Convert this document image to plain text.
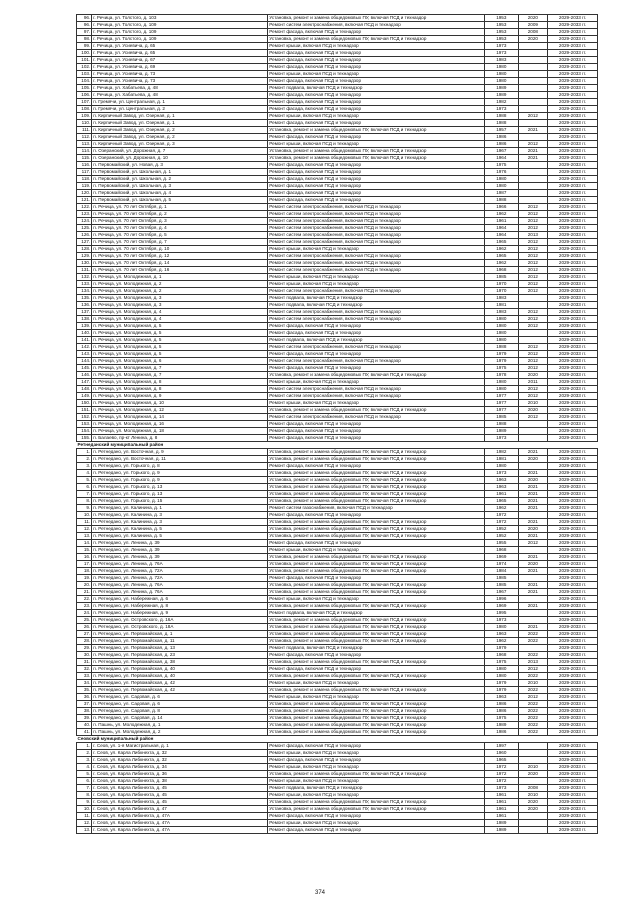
96.	г. Речица, ул. Толстого, д. 103	Установка, ремонт и замена общедомовых ПУ, включая ПСД и техназдор	1953	2020	2029-2033 гг.
96.	г. Речица, ул. Толстого, д. 109	Ремонт систем электроснабжения, включая ПСД и технадзор	1953	2009	2029-2033 гг.
97.	г. Речица, ул. Толстого, д. 109	Ремонт фасада, включая ПСД и технадзор	1953	2008	2029-2033 гг.
98.	г. Речица, ул. Толстого, д. 109	Установка, ремонт и замена общедомовых ПУ, включая ПСД и технадзор	1953	2020	2029-2033 гг.
99.	г. Речица, ул. Усиевича, д. 65	Ремонт крыши, включая ПСД и технадзор	1973		2029-2033 гг.
100.	г. Речица, ул. Усиевича, д. 65	Ремонт фасада, включая ПСД и технадзор	1973		2029-2033 гг.
101.	г. Речица, ул. Усиевича, д. 67	Ремонт фасада, включая ПСД и технадзор	1983		2029-2033 гг.
102.	г. Речица, ул. Усиевича, д. 69	Ремонт фасада, включая ПСД и технадзор	1980		2029-2033 гг.
103.	г. Речица, ул. Усиевича, д. 73	Ремонт крыши, включая ПСД и технадзор	1980		2029-2033 гг.
104.	г. Речица, ул. Усиевича, д. 73	Ремонт фасада, включая ПСД и технадзор	1980		2029-2033 гг.
105.	г. Речица, ул. Хабатьева, д. 48	Ремонт подвала, включая ПСД и технадзор	1989		2029-2033 гг.
106.	г. Речица, ул. Хабатьева, д. 48	Ремонт фасада, включая ПСД и технадзор	1989		2029-2033 гг.
107.	п. Гремячи, ул. Центральная, д. 1	Ремонт фасада, включая ПСД и технадзор	1982		2029-2033 гг.
108.	п. Гремячи, ул. Центральная, д. 2	Ремонт фасада, включая ПСД и технадзор	1973		2029-2033 гг.
109.	п. Кирпичный Завод, ул. Озерная, д. 1	Ремонт крыши, включая ПСД и технадзор	1988	2012	2029-2033 гг.
110.	п. Кирпичный Завод, ул. Озерная, д. 1	Ремонт фасада, включая ПСД и технадзор	1988		2029-2033 гг.
111.	п. Кирпичный Завод, ул. Озерная, д. 2	Установка, ремонт и замена общедомовых ПУ, включая ПСД и технадзор	1957	2021	2029-2033 гг.
112.	п. Кирпичный Завод, ул. Озерная, д. 2	Ремонт фасада, включая ПСД и технадзор	1986		2029-2033 гг.
113.	п. Кирпичный Завод, ул. Озерная, д. 3	Ремонт крыши, включая ПСД и технадзор	1986	2012	2029-2033 гг.
114.	п. Озеранский, ул. Дорожная, д. 7	Установка, ремонт и замена общедомовых ПУ, включая ПСД и технадзор	1967	2021	2029-2033 гг.
115.	п. Озеранский, ул. Дорожная, д. 10	Установка, ремонт и замена общедомовых ПУ, включая ПСД и технадзор	1964	2021	2029-2033 гг.
116.	п. Первомайский, ул. Новая, д. 3	Ремонт фасада, включая ПСД и технадзор	1975		2029-2033 гг.
117.	п. Первомайский, ул. Школьная, д. 1	Ремонт фасада, включая ПСД и технадзор	1976		2029-2033 гг.
118.	п. Первомайский, ул. Школьная, д. 2	Ремонт фасада, включая ПСД и технадзор	1980		2029-2033 гг.
119.	п. Первомайский, ул. Школьная, д. 3	Ремонт фасада, включая ПСД и технадзор	1980		2029-2033 гг.
120.	п. Первомайский, ул. Школьная, д. 4	Ремонт фасада, включая ПСД и технадзор	1987		2029-2033 гг.
121.	п. Первомайский, ул. Школьная, д. 5	Ремонт фасада, включая ПСД и технадзор	1988		2029-2033 гг.
122.	п. Речица, ул. 70 лет Октября, д. 1	Ремонт систем электроснабжения, включая ПСД и технадзор	1966	2012	2029-2033 гг.
123.	п. Речица, ул. 70 лет Октября, д. 2	Ремонт систем электроснабжения, включая ПСД и технадзор	1962	2012	2029-2033 гг.
124.	п. Речица, ул. 70 лет Октября, д. 3	Ремонт систем электроснабжения, включая ПСД и технадзор	1961	2012	2029-2033 гг.
125.	п. Речица, ул. 70 лет Октября, д. 4	Ремонт систем электроснабжения, включая ПСД и технадзор	1964	2012	2029-2033 гг.
126.	п. Речица, ул. 70 лет Октября, д. 5	Ремонт систем электроснабжения, включая ПСД и технадзор	1964	2013	2029-2033 гг.
127.	п. Речица, ул. 70 лет Октября, д. 7	Ремонт систем электроснабжения, включая ПСД и технадзор	1965	2012	2029-2033 гг.
128.	п. Речица, ул. 70 лет Октября, д. 10	Ремонт крыши, включая ПСД и технадзор	1962	2012	2029-2033 гг.
129.	п. Речица, ул. 70 лет Октября, д. 12	Ремонт систем электроснабжения, включая ПСД и технадзор	1965	2012	2029-2033 гг.
130.	п. Речица, ул. 70 лет Октября, д. 14	Ремонт систем электроснабжения, включая ПСД и технадзор	1962	2012	2029-2033 гг.
131.	п. Речица, ул. 70 лет Октября, д. 16	Ремонт систем электроснабжения, включая ПСД и технадзор	1968	2012	2029-2033 гг.
132.	п. Речица, ул. Молодежная, д. 1	Ремонт крыши, включая ПСД и технадзор	1985	2012	2029-2033 гг.
133.	п. Речица, ул. Молодежная, д. 2	Ремонт крыши, включая ПСД и технадзор	1970	2012	2029-2033 гг.
134.	п. Речица, ул. Молодежная, д. 2	Ремонт систем электроснабжения, включая ПСД и технадзор	1970	2012	2029-2033 гг.
135.	п. Речица, ул. Молодежная, д. 3	Ремонт подвала, включая ПСД и технадзор	1983		2029-2033 гг.
136.	п. Речица, ул. Молодежная, д. 3	Ремонт подвала, включая ПСД и технадзор	1981		2029-2033 гг.
137.	п. Речица, ул. Молодежная, д. 4	Ремонт систем электроснабжения, включая ПСД и технадзор	1983	2012	2029-2033 гг.
138.	п. Речица, ул. Молодежная, д. 4	Ремонт систем электроснабжения, включая ПСД и технадзор	1980	2012	2029-2033 гг.
139.	п. Речица, ул. Молодежная, д. 5	Ремонт фасада, включая ПСД и технадзор	1980	2012	2029-2033 гг.
140.	п. Речица, ул. Молодежная, д. 5	Ремонт фасада, включая ПСД и технадзор	1980		2029-2033 гг.
141.	п. Речица, ул. Молодежная, д. 5	Ремонт подвала, включая ПСД и технадзор	1980		2029-2033 гг.
142.	п. Речица, ул. Молодежная, д. 5	Ремонт систем электроснабжения, включая ПСД и технадзор	1988	2012	2029-2033 гг.
143.	п. Речица, ул. Молодежная, д. 5	Ремонт фасада, включая ПСД и технадзор	1979	2012	2029-2033 гг.
144.	п. Речица, ул. Молодежная, д. 6	Ремонт систем электроснабжения, включая ПСД и технадзор	1979	2012	2029-2033 гг.
145.	п. Речица, ул. Молодежная, д. 7	Ремонт фасада, включая ПСД и технадзор	1975	2012	2029-2033 гг.
146.	п. Речица, ул. Молодежная, д. 7	Установка, ремонт и замена общедомовых ПУ, включая ПСД и технадзор	1978	2020	2029-2033 гг.
147.	п. Речица, ул. Молодежная, д. 8	Ремонт крыши, включая ПСД и технадзор	1980	2011	2029-2033 гг.
148.	п. Речица, ул. Молодежная, д. 8	Ремонт систем электроснабжения, включая ПСД и технадзор	1980	2012	2029-2033 гг.
149.	п. Речица, ул. Молодежная, д. 9	Ремонт систем электроснабжения, включая ПСД и технадзор	1977	2012	2029-2033 гг.
150.	п. Речица, ул. Молодежная, д. 10	Ремонт крыши, включая ПСД и технадзор	1977	2010	2029-2033 гг.
151.	п. Речица, ул. Молодежная, д. 12	Установка, ремонт и замена общедомовых ПУ, включая ПСД и технадзор	1977	2020	2029-2033 гг.
152.	п. Речица, ул. Молодежная, д. 14	Ремонт систем электроснабжения, включая ПСД и технадзор	1985	2012	2029-2033 гг.
153.	п. Речица, ул. Молодежная, д. 16	Ремонт фасада, включая ПСД и технадзор	1988		2029-2033 гг.
154.	п. Речица, ул. Молодежная, д. 18	Ремонт фасада, включая ПСД и технадзор	1989		2029-2033 гг.
155.	п. Балаево, пр-кт Ленина, д. 8	Ремонт фасада, включая ПСД и технадзор	1973		2029-2033 гг.
Ретнеданский муниципальный район					
1.	п. Ретнедано, ул. Восточная, д. 9	Установка, ремонт и замена общедомовых ПУ, включая ПСД и технадзор	1982	2021	2029-2033 гг.
2.	п. Ретнедано, ул. Восточная, д. 11	Установка, ремонт и замена общедомовых ПУ, включая ПСД и технадзор	1981	2020	2029-2033 гг.
3.	п. Ретнедано, ул. Горького, д. 8	Ремонт фасада, включая ПСД и технадзор	1980		2029-2033 гг.
4.	п. Ретнедано, ул. Горького, д. 9	Установка, ремонт и замена общедомовых ПУ, включая ПСД и технадзор	1973	2021	2029-2033 гг.
5.	п. Ретнедано, ул. Горького, д. 9	Установка, ремонт и замена общедомовых ПУ, включая ПСД и технадзор	1963	2020	2029-2033 гг.
6.	п. Ретнедано, ул. Горького, д. 13	Установка, ремонт и замена общедомовых ПУ, включая ПСД и технадзор	1963	2021	2029-2033 гг.
7.	п. Ретнедано, ул. Горького, д. 13	Установка, ремонт и замена общедомовых ПУ, включая ПСД и технадзор	1961	2021	2029-2033 гг.
8.	п. Ретнедано, ул. Горького, д. 15	Установка, ремонт и замена общедомовых ПУ, включая ПСД и технадзор	1965	2021	2029-2033 гг.
9.	п. Ретнедано, ул. Калинина, д. 1	Ремонт систем газоснабжения, включая ПСД и технадзор	1962	2021	2029-2033 гг.
10.	п. Ретнедано, ул. Калинина, д. 3	Ремонт фасада, включая ПСД и технадзор	1972		2029-2033 гг.
11.	п. Ретнедано, ул. Калинина, д. 3	Установка, ремонт и замена общедомовых ПУ, включая ПСД и технадзор	1972	2021	2029-2033 гг.
12.	п. Ретнедано, ул. Калинина, д. 5	Установка, ремонт и замена общедомовых ПУ, включая ПСД и технадзор	1952	2020	2029-2033 гг.
13.	п. Ретнедано, ул. Калинина, д. 5	Установка, ремонт и замена общедомовых ПУ, включая ПСД и технадзор	1952	2021	2029-2033 гг.
14.	п. Ретнедано, ул. Ленина, д. 39	Ремонт фасада, включая ПСД и технадзор	1955	2012	2029-2033 гг.
15.	п. Ретнедано, ул. Ленина, д. 39	Ремонт крыши, включая ПСД и технадзор	1968		2029-2033 гг.
16.	п. Ретнедано, ул. Ленина, д. 39	Установка, ремонт и замена общедомовых ПУ, включая ПСД и технадзор	1969	2021	2029-2033 гг.
17.	п. Ретнедано, ул. Ленина, д. 76А	Установка, ремонт и замена общедомовых ПУ, включая ПСД и технадзор	1974	2020	2029-2033 гг.
18.	п. Ретнедано, ул. Ленина, д. 72А	Установка, ремонт и замена общедомовых ПУ, включая ПСД и технадзор	1984	2021	2029-2033 гг.
19.	п. Ретнедано, ул. Ленина, д. 72А	Ремонт фасада, включая ПСД и технадзор	1985		2029-2033 гг.
20.	п. Ретнедано, ул. Ленина, д. 76А	Установка, ремонт и замена общедомовых ПУ, включая ПСД и технадзор	1985	2021	2029-2033 гг.
21.	п. Ретнедано, ул. Ленина, д. 76А	Установка, ремонт и замена общедомовых ПУ, включая ПСД и технадзор	1967	2021	2029-2033 гг.
22.	п. Ретнедано, ул. Набережная, д. 6	Ремонт крыши, включая ПСД и технадзор	1996		2029-2033 гг.
23.	п. Ретнедано, ул. Набережная, д. 8	Установка, ремонт и замена общедомовых ПУ, включая ПСД и технадзор	1969	2021	2029-2033 гг.
24.	п. Ретнедано, ул. Набережная, д. 9	Ремонт подвала, включая ПСД и технадзор	1995		2029-2033 гг.
25.	п. Ретнедано, ул. Островского, д. 16А	Установка, ремонт и замена общедомовых ПУ, включая ПСД и технадзор	1973		2029-2033 гг.
26.	п. Ретнедано, ул. Островского, д. 18А	Установка, ремонт и замена общедомовых ПУ, включая ПСД и технадзор	1980	2021	2029-2033 гг.
27.	п. Ретнедано, ул. Первомайская, д. 1	Установка, ремонт и замена общедомовых ПУ, включая ПСД и технадзор	1963	2022	2029-2033 гг.
28.	п. Ретнедано, ул. Первомайская, д. 11	Установка, ремонт и замена общедомовых ПУ, включая ПСД и технадзор	1962	2022	2029-2033 гг.
29.	п. Ретнедано, ул. Первомайская, д. 13	Ремонт подвала, включая ПСД и технадзор	1979		2029-2033 гг.
30.	п. Ретнедано, ул. Первомайская, д. 23	Ремонт фасада, включая ПСД и технадзор	1968	2022	2029-2033 гг.
31.	п. Ретнедано, ул. Первомайская, д. 38	Установка, ремонт и замена общедомовых ПУ, включая ПСД и технадзор	1975	2013	2029-2033 гг.
32.	п. Ретнедано, ул. Первомайская, д. 40	Ремонт фасада, включая ПСД и технадзор	1980	2012	2029-2033 гг.
33.	п. Ретнедано, ул. Первомайская, д. 40	Установка, ремонт и замена общедомовых ПУ, включая ПСД и технадзор	1980	2022	2029-2033 гг.
34.	п. Ретнедано, ул. Первомайская, д. 42	Ремонт крыши, включая ПСД и технадзор	1979	2010	2029-2033 гг.
35.	п. Ретнедано, ул. Первомайская, д. 42	Установка, ремонт и замена общедомовых ПУ, включая ПСД и технадзор	1979	2022	2029-2033 гг.
36.	п. Ретнедано, ул. Садовая, д. 6	Ремонт крыши, включая ПСД и технадзор	1963	2012	2029-2033 гг.
37.	п. Ретнедано, ул. Садовая, д. 6	Установка, ремонт и замена общедомовых ПУ, включая ПСД и технадзор	1986	2022	2029-2033 гг.
38.	п. Ретнедано, ул. Садовая, д. 8	Установка, ремонт и замена общедомовых ПУ, включая ПСД и технадзор	1986	2022	2029-2033 гг.
39.	п. Ретнедано, ул. Садовая, д. 14	Установка, ремонт и замена общедомовых ПУ, включая ПСД и технадзор	1975	2022	2029-2033 гг.
40.	п. Пашнь, ул. Молодежная, д. 1	Установка, ремонт и замена общедомовых ПУ, включая ПСД и технадзор	1989	2022	2029-2033 гг.
41.	п. Пашнь, ул. Молодежная, д. 2	Установка, ремонт и замена общедомовых ПУ, включая ПСД и технадзор	1986	2022	2029-2033 гг.
Сеовский муниципальный район					
1.	г. Сеов, ул. 1-я Магистральная, д. 1	Ремонт фасада, включая ПСД и технадзор	1997		2029-2033 гг.
2.	г. Сеов, ул. Карла Либкнехта, д. 32	Ремонт крыши, включая ПСД и технадзор	1960		2029-2033 гг.
3.	г. Сеов, ул. Карла Либкнехта, д. 32	Ремонт фасада, включая ПСД и технадзор	1965		2029-2033 гг.
4.	г. Сеов, ул. Карла Либкнехта, д. 34	Ремонт крыши, включая ПСД и технадзор	1972	2010	2029-2033 гг.
5.	г. Сеов, ул. Карла Либкнехта, д. 36	Установка, ремонт и замена общедомовых ПУ, включая ПСД и технадзор	1972	2020	2029-2033 гг.
6.	г. Сеов, ул. Карла Либкнехта, д. 38	Ремонт крыши, включая ПСД и технадзор	1972		2029-2033 гг.
7.	г. Сеов, ул. Карла Либкнехта, д. 45	Ремонт подвала, включая ПСД и технадзор	1973	2008	2029-2033 гг.
8.	г. Сеов, ул. Карла Либкнехта, д. 45	Ремонт крыши, включая ПСД и технадзор	1961	2010	2029-2033 гг.
9.	г. Сеов, ул. Карла Либкнехта, д. 45	Установка, ремонт и замена общедомовых ПУ, включая ПСД и технадзор	1961	2020	2029-2033 гг.
10.	г. Сеов, ул. Карла Либкнехта, д. 47	Установка, ремонт и замена общедомовых ПУ, включая ПСД и технадзор	1961	2020	2029-2033 гг.
11.	г. Сеов, ул. Карла Либкнехта, д. 47А	Ремонт фасада, включая ПСД и технадзор	1961		2029-2033 гг.
12.	г. Сеов, ул. Карла Либкнехта, д. 47А	Ремонт крыши, включая ПСД и технадзор	1989		2029-2033 гг.
13.	г. Сеов, ул. Карла Либкнехта, д. 47А	Ремонт фасада, включая ПСД и технадзор	1989		2029-2033 гг.
374
